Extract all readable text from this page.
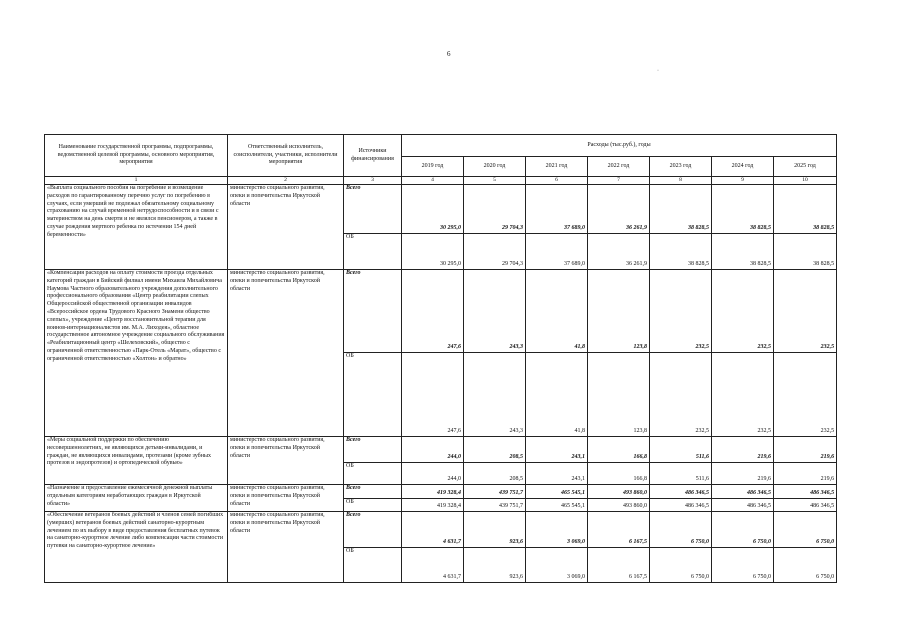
6
·
Наименование государственной программы, подпрограммы, ведомственной целевой программы, основного мероприятия, мероприятия	Ответственный исполнитель, соисполнители, участники, исполнители мероприятия	Источники финансирования	Расходы (тыс.руб.), годы						
			2019 год	2020 год	2021 год	2022 год	2023 год	2024 год	2025 год
1	2	3	4	5	6	7	8	9	10
«Выплата социального пособия на погребение и возмещение расходов по гарантированному перечню услуг по погребению в случаях, если умерший не подлежал обязательному социальному страхованию на случай временной нетрудоспособности и в связи с материнством на день смерти и не являлся пенсионером, а также в случае рождения мертвого ребенка по истечении 154 дней беременности»	министерство социального развития, опеки и попечительства Иркутской области	Всего	30 295,0	29 704,3	37 689,0	36 261,9	38 828,5	38 828,5	38 828,5
		ОБ	30 295,0	29 704,3	37 689,0	36 261,9	38 828,5	38 828,5	38 828,5
«Компенсация расходов на оплату стоимости проезда отдельных категорий граждан в Бийский филиал имени Михаила Михайловича Наумова Частного образовательного учреждения дополнительного профессионального образования «Центр реабилитации слепых Общероссийской общественной организации инвалидов «Всероссийское ордена Трудового Красного Знамени общество слепых», учреждение «Центр восстановительной терапии для воинов-интернационалистов им. М.А. Лиходея», областное государственное автономное учреждение социального обслуживания «Реабилитационный центр «Шелеховский», общество с ограниченной ответственностью «Парк-Отель «Марат», общество с ограниченной ответственностью «Холтон» и обратно»	министерство социального развития, опеки и попечительства Иркутской области	Всего	247,6	243,3	41,8	123,8	232,5	232,5	232,5
		ОБ	247,6	243,3	41,8	123,8	232,5	232,5	232,5
«Меры социальной поддержки по обеспечению несовершеннолетних, не являющихся детьми-инвалидами, и граждан, не являющихся инвалидами, протезами (кроме зубных протезов и эндопротезов) и ортопедической обувью»	министерство социального развития, опеки и попечительства Иркутской области	Всего	244,0	208,5	243,1	166,8	511,6	219,6	219,6
		ОБ	244,0	208,5	243,1	166,8	511,6	219,6	219,6
«Назначение и предоставление ежемесячной денежной выплаты отдельным категориям неработающих граждан в Иркутской области»	министерство социального развития, опеки и попечительства Иркутской области	Всего	419 328,4	439 751,7	465 545,1	493 860,0	486 346,5	486 346,5	486 346,5
		ОБ	419 328,4	439 751,7	465 545,1	493 860,0	486 346,5	486 346,5	486 346,5
«Обеспечение ветеранов боевых действий и членов семей погибших (умерших) ветеранов боевых действий санаторно-курортным лечением по их выбору в виде предоставления бесплатных путевок на санаторно-курортное лечение либо компенсации части стоимости путевки на санаторно-курортное лечение»	министерство социального развития, опеки и попечительства Иркутской области	Всего	4 631,7	923,6	3 069,0	6 167,5	6 750,0	6 750,0	6 750,0
		ОБ	4 631,7	923,6	3 069,0	6 167,5	6 750,0	6 750,0	6 750,0
